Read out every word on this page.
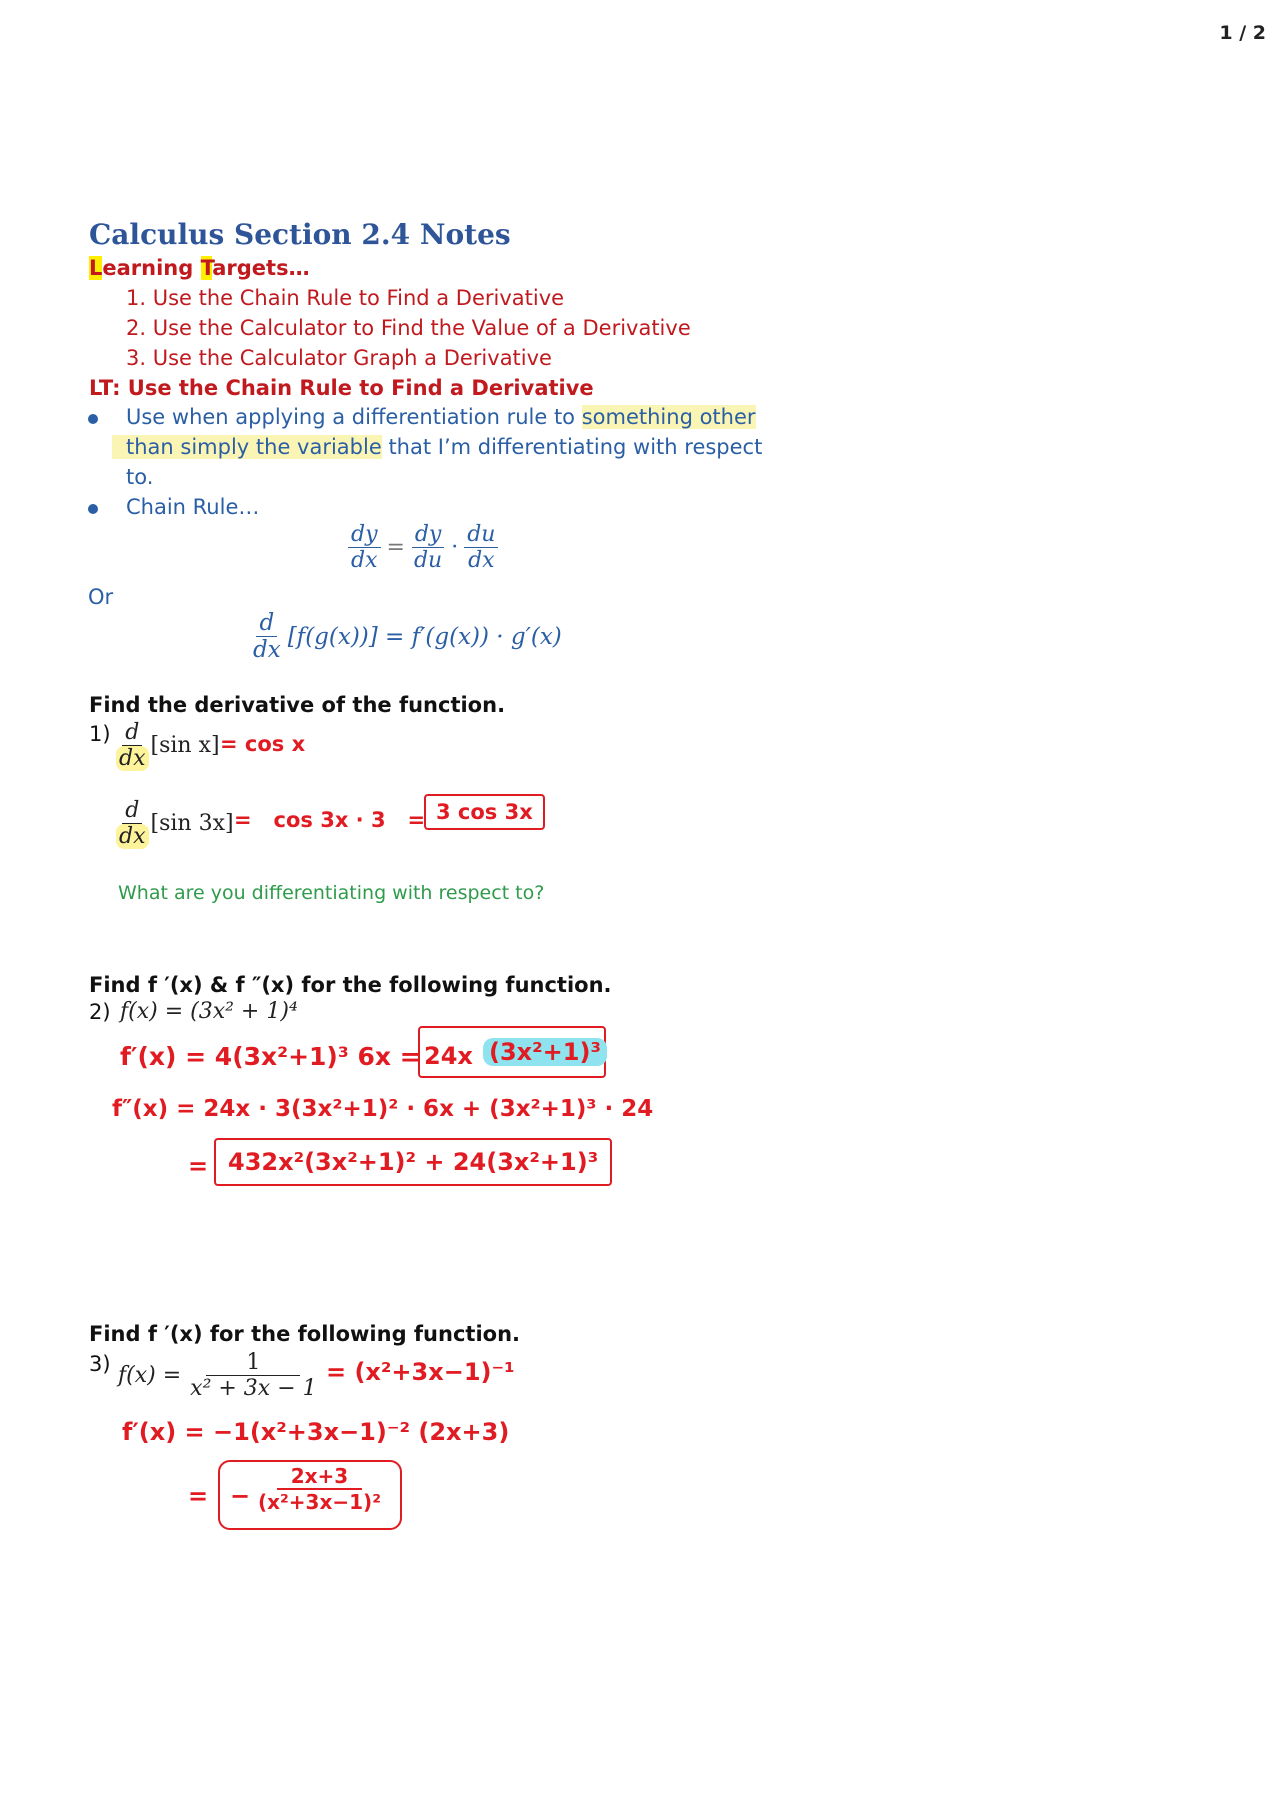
1 / 2
Calculus Section 2.4 Notes
Learning Targets…
1. Use the Chain Rule to Find a Derivative
2. Use the Calculator to Find the Value of a Derivative
3. Use the Calculator Graph a Derivative
LT: Use the Chain Rule to Find a Derivative
Use when applying a differentiation rule to something other
than simply the variable that I’m differentiating with respect
to.
Chain Rule…
$\frac{dy}{dx} = \frac{dy}{du} \cdot \frac{du}{dx}$
Or
$\frac{d}{dx} [f(g(x))] = f'(g(x)) \cdot g'(x)$
Find the derivative of the function.
$1) \frac{d}{dx} [\sin$ x] = cos x
$\frac{d}{dx} [\sin$ 3x] =   cos 3x · 3   = 3 cos 3x
What are you differentiating with respect to?
Find f ′(x) & f ″(x) for the following function.
2) f(x) = (3x² + 1)⁴
f′(x) = 4(3x²+1)³ 6x = 24x (3x²+1)³
f″(x) = 24x · 3(3x²+1)² · 6x + (3x²+1)³ · 24
= 432x²(3x²+1)² + 24(3x²+1)³
Find f ′(x) for the following function.
3) $f(x) = \frac{1}{\text{x² + 3x − 1}} = (x^2+3x-1)^{-1}$
f′(x) = −1(x²+3x−1)⁻² (2x+3)
= − $\frac{2x+3}{\text{(x²+3x−1)²}}$
